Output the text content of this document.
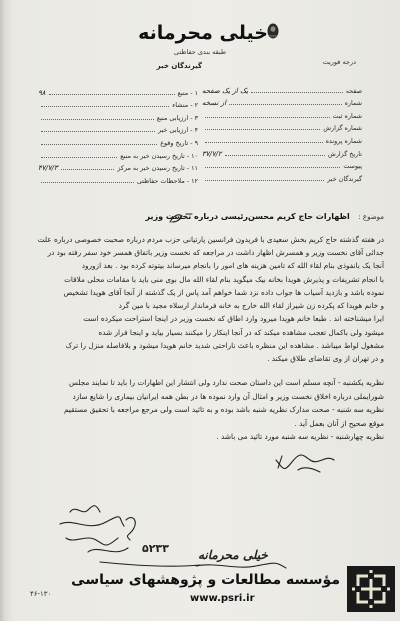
خیلی محرمانه
طبقه بندی حفاظتی
گیرندگان خبر	درجه فوریت
صفحه
یک از یک صفحه
شماره
از نسخه
شماره ثبت
شماره گزارش
شماره پرونده
تاریخ گزارش
۳۷/۷/۲
پیوست
گیرندگان خبر
۱ - منبع
۹۸
۲ - منشاء
۳ - ارزیابی منبع
۴ - ارزیابی خبر
۹ - تاریخ وقوع
۱۰ - تاریخ رسیدن خبر به منبع
۱۱ - تاریخ رسیدن خبر به مرکز
۴۷/۷/۳
۱۲ - ملاحظات حفاظتی
موضوع : اظهارات حاج کریم محسن‌رئیسی درباره نخست وزیر
در هفته گذشته حاج کریم بخش سعیدی با فریدون فرانسین پارتیانی حزب مردم درباره صحبت خصوصی درباره علت
جدائی آقای نخست وزیر و همسرش اظهار داشت در مراجعه که نخست وزیر باتفاق همسر خود سفر رفته بود در
آنجا یک بانفوذی بنام لقاء الله که تامین هزینه های امور را بانجام میرساند بیتوته کرده بود . بعد ازورود
با انجام تشریفات و پذیرش هویدا بخانه بیک میگوید بنام لقاء الله مال بوی منی باید با مقامات محلی ملاقات
نموده باشد و بازدید آسیاب ها جواب داده نزد شما خواهم آمد پاس از یک گذشته از آنجا آقای هویدا تشخیص
و خانم هویدا که پکرده زن شیراز لقاء الله خارج به خانه فرماندار ارسلاه مجید با مین گرد
ایرا میشناخته اند . طبعا خانم هویدا میرود وارد اطاق که نخست وزیر در اینجا استراحت میکرده است
میشود ولی باکمال تعجب مشاهده میکند که در آنجا اینکار را میکنند بسیار بیاید و اینجا فرار شده
مشغول لواط میباشد . مشاهده این منظره باعث ناراحتی شدید خانم هویدا میشود و بلافاصله منزل را ترک
و در تهران از وی تقاضای طلاق میکند .
نظریه یکشنبه - آنچه مسلم است این داستان صحت ندارد ولی انتشار این اظهارات را باید تا نمایند مجلس
شورایملی درباره اخلاق نخست وزیر و امثال آن وارد نموده ها در بطن همه ایرانیان بیماری را شایع سازد
نظریه سه شنبه - صحت مدارک نظریه شنبه باشد بوده و به تائید است ولی مرجع مراجعه با تحقیق مستقیم
موقع صحیح از آنان بعمل آید .
نظریه چهارشنبه - نظریه سه شنبه مورد تائید می باشد .
۵۲۳۳ خیلی محرمانه
۴۶-۱۳۰
مؤسسه مطالعات و پژوهشهای سیاسی
www.psri.ir
